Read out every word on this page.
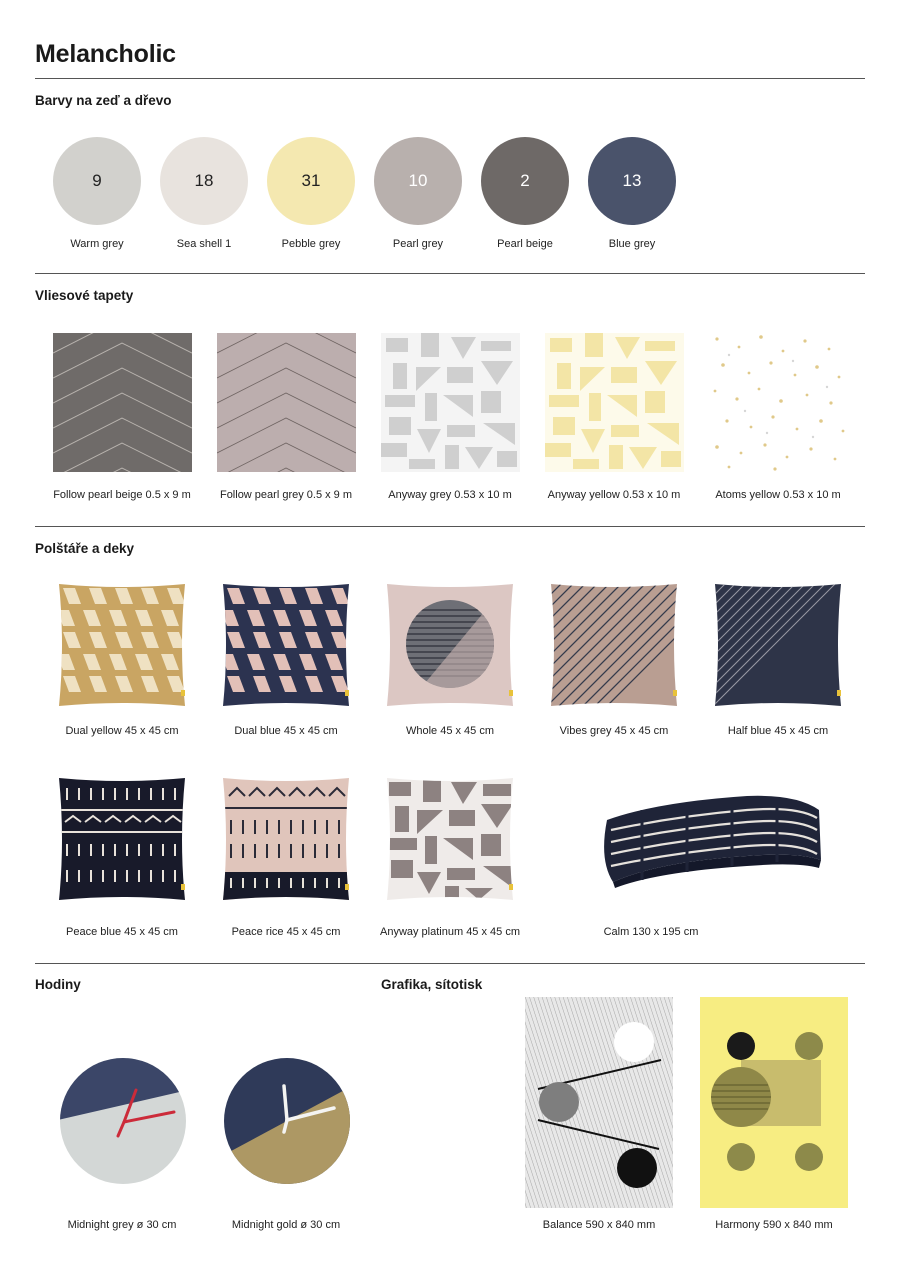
Melancholic
Barvy na zeď a dřevo
9
Warm grey
18
Sea shell 1
31
Pebble grey
10
Pearl grey
2
Pearl beige
13
Blue grey
Vliesové tapety
Follow pearl beige 0.5 x 9 m	Follow pearl grey 0.5 x 9 m	Anyway grey 0.53 x 10 m	Anyway yellow 0.53 x 10 m	Atoms yellow 0.53 x 10 m
Polštáře a deky
Dual yellow 45 x 45 cm	Dual blue 45 x 45 cm	Whole 45 x 45 cm	Vibes grey 45 x 45 cm	Half blue 45 x 45 cm
Peace blue 45 x 45 cm	Peace rice 45 x 45 cm	Anyway platinum 45 x 45 cm	Calm 130 x 195 cm
Hodiny
Midnight grey ø 30 cm	Midnight gold ø 30 cm
Grafika, sítotisk
Balance 590 x 840 mm	Harmony 590 x 840 mm
